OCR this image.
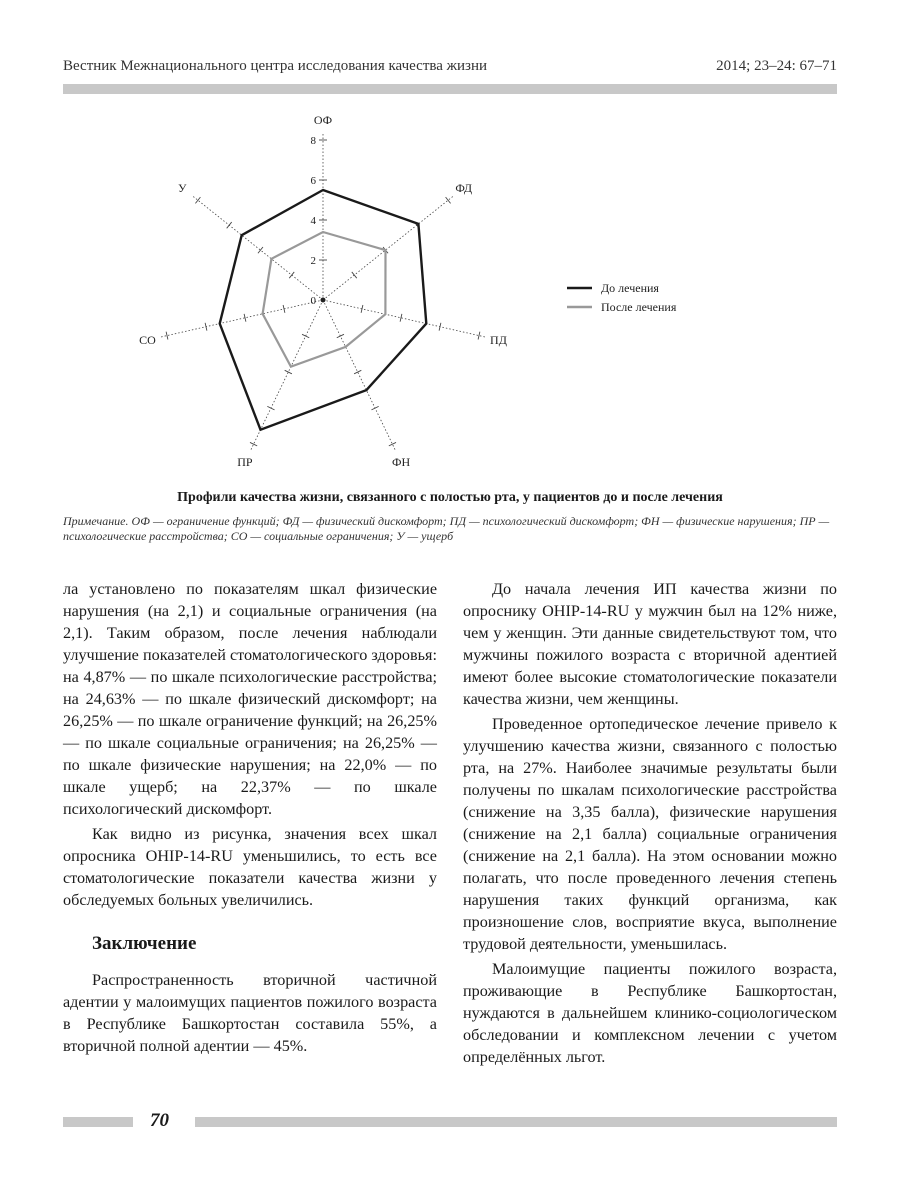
Вестник Межнационального центра исследования качества жизни	2014; 23–24: 67–71
ОФ
ФД
ПД
ФН
ПР
СО
У
0
2
4
6
8
До лечения
После лечения
Профили качества жизни, связанного с полостью рта, у пациентов до и после лечения
Примечание. ОФ — ограничение функций; ФД — физический дискомфорт; ПД — психологический дискомфорт; ФН — физические нарушения; ПР — психологические расстройства; СО — социальные ограничения; У — ущерб

ла установлено по показателям шкал физические нарушения (на 2,1) и социальные ограничения (на 2,1). Таким образом, после лечения наблюдали улучшение показателей стоматологического здоровья: на 4,87% — по шкале психологические расстройства; на 24,63% — по шкале физический дискомфорт; на 26,25% — по шкале ограничение функций; на 26,25% — по шкале социальные ограничения; на 26,25% — по шкале физические нарушения; на 22,0% — по шкале ущерб; на 22,37% — по шкале психологический дискомфорт.

Как видно из рисунка, значения всех шкал опросника OHIP-14-RU уменьшились, то есть все стоматологические показатели качества жизни у обследуемых больных увеличились.

Заключение

Распространенность вторичной частичной адентии у малоимущих пациентов пожилого возраста в Республике Башкортостан составила 55%, а вторичной полной адентии — 45%.

До начала лечения ИП качества жизни по опроснику OHIP-14-RU у мужчин был на 12% ниже, чем у женщин. Эти данные свидетельствуют том, что мужчины пожилого возраста с вторичной адентией имеют более высокие стоматологические показатели качества жизни, чем женщины.

Проведенное ортопедическое лечение привело к улучшению качества жизни, связанного с полостью рта, на 27%. Наиболее значимые результаты были получены по шкалам психологические расстройства (снижение на 3,35 балла), физические нарушения (снижение на 2,1 балла) социальные ограничения (снижение на 2,1 балла). На этом основании можно полагать, что после проведенного лечения степень нарушения таких функций организма, как произношение слов, восприятие вкуса, выполнение трудовой деятельности, уменьшилась.

Малоимущие пациенты пожилого возраста, проживающие в Республике Башкортостан, нуждаются в дальнейшем клинико-социологическом обследовании и комплексном лечении с учетом определённых льгот.

70
